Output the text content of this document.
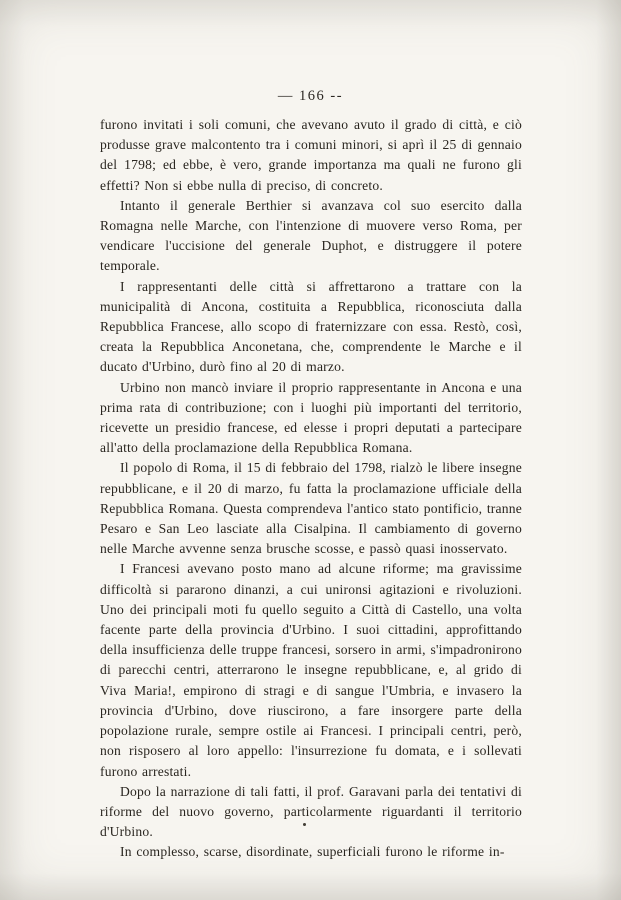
— 166 --

furono invitati i soli comuni, che avevano avuto il grado di città, e ciò produsse grave malcontento tra i comuni minori, si aprì il 25 di gennaio del 1798; ed ebbe, è vero, grande importanza ma quali ne furono gli effetti? Non si ebbe nulla di preciso, di concreto.

Intanto il generale Berthier si avanzava col suo esercito dalla Romagna nelle Marche, con l'intenzione di muovere verso Roma, per vendicare l'uccisione del generale Duphot, e distruggere il potere temporale.

I rappresentanti delle città si affrettarono a trattare con la municipalità di Ancona, costituita a Repubblica, riconosciuta dalla Repubblica Francese, allo scopo di fraternizzare con essa. Restò, così, creata la Repubblica Anconetana, che, comprendente le Marche e il ducato d'Urbino, durò fino al 20 di marzo.

Urbino non mancò inviare il proprio rappresentante in Ancona e una prima rata di contribuzione; con i luoghi più importanti del territorio, ricevette un presidio francese, ed elesse i propri deputati a partecipare all'atto della proclamazione della Repubblica Romana.

Il popolo di Roma, il 15 di febbraio del 1798, rialzò le libere insegne repubblicane, e il 20 di marzo, fu fatta la proclamazione ufficiale della Repubblica Romana. Questa comprendeva l'antico stato pontificio, tranne Pesaro e San Leo lasciate alla Cisalpina. Il cambiamento di governo nelle Marche avvenne senza brusche scosse, e passò quasi inosservato.

I Francesi avevano posto mano ad alcune riforme; ma gravissime difficoltà si pararono dinanzi, a cui unironsi agitazioni e rivoluzioni. Uno dei principali moti fu quello seguito a Città di Castello, una volta facente parte della provincia d'Urbino. I suoi cittadini, approfittando della insufficienza delle truppe francesi, sorsero in armi, s'impadronirono di parecchi centri, atterrarono le insegne repubblicane, e, al grido di Viva Maria!, empirono di stragi e di sangue l'Umbria, e invasero la provincia d'Urbino, dove riuscirono, a fare insorgere parte della popolazione rurale, sempre ostile ai Francesi. I principali centri, però, non risposero al loro appello: l'insurrezione fu domata, e i sollevati furono arrestati.

Dopo la narrazione di tali fatti, il prof. Garavani parla dei tentativi di riforme del nuovo governo, particolarmente riguardanti il territorio d'Urbino.

In complesso, scarse, disordinate, superficiali furono le riforme in-
